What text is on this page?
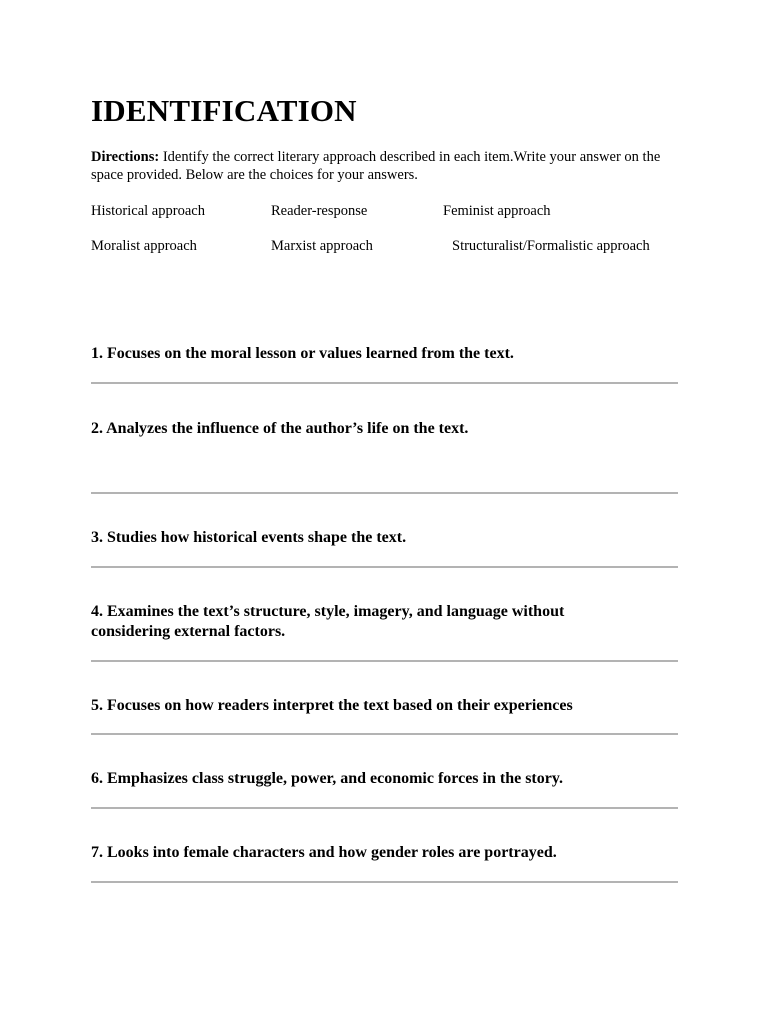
IDENTIFICATION

Directions: Identify the correct literary approach described in each item.Write your answer on the space provided. Below are the choices for your answers.

Historical approach	Reader-response	Feminist approach
Moralist approach	Marxist approach	Structuralist/Formalistic approach

1. Focuses on the moral lesson or values learned from the text.

2. Analyzes the influence of the author’s life on the text.

3. Studies how historical events shape the text.

4. Examines the text’s structure, style, imagery, and language without considering external factors.

5. Focuses on how readers interpret the text based on their experiences

6. Emphasizes class struggle, power, and economic forces in the story.

7. Looks into female characters and how gender roles are portrayed.
